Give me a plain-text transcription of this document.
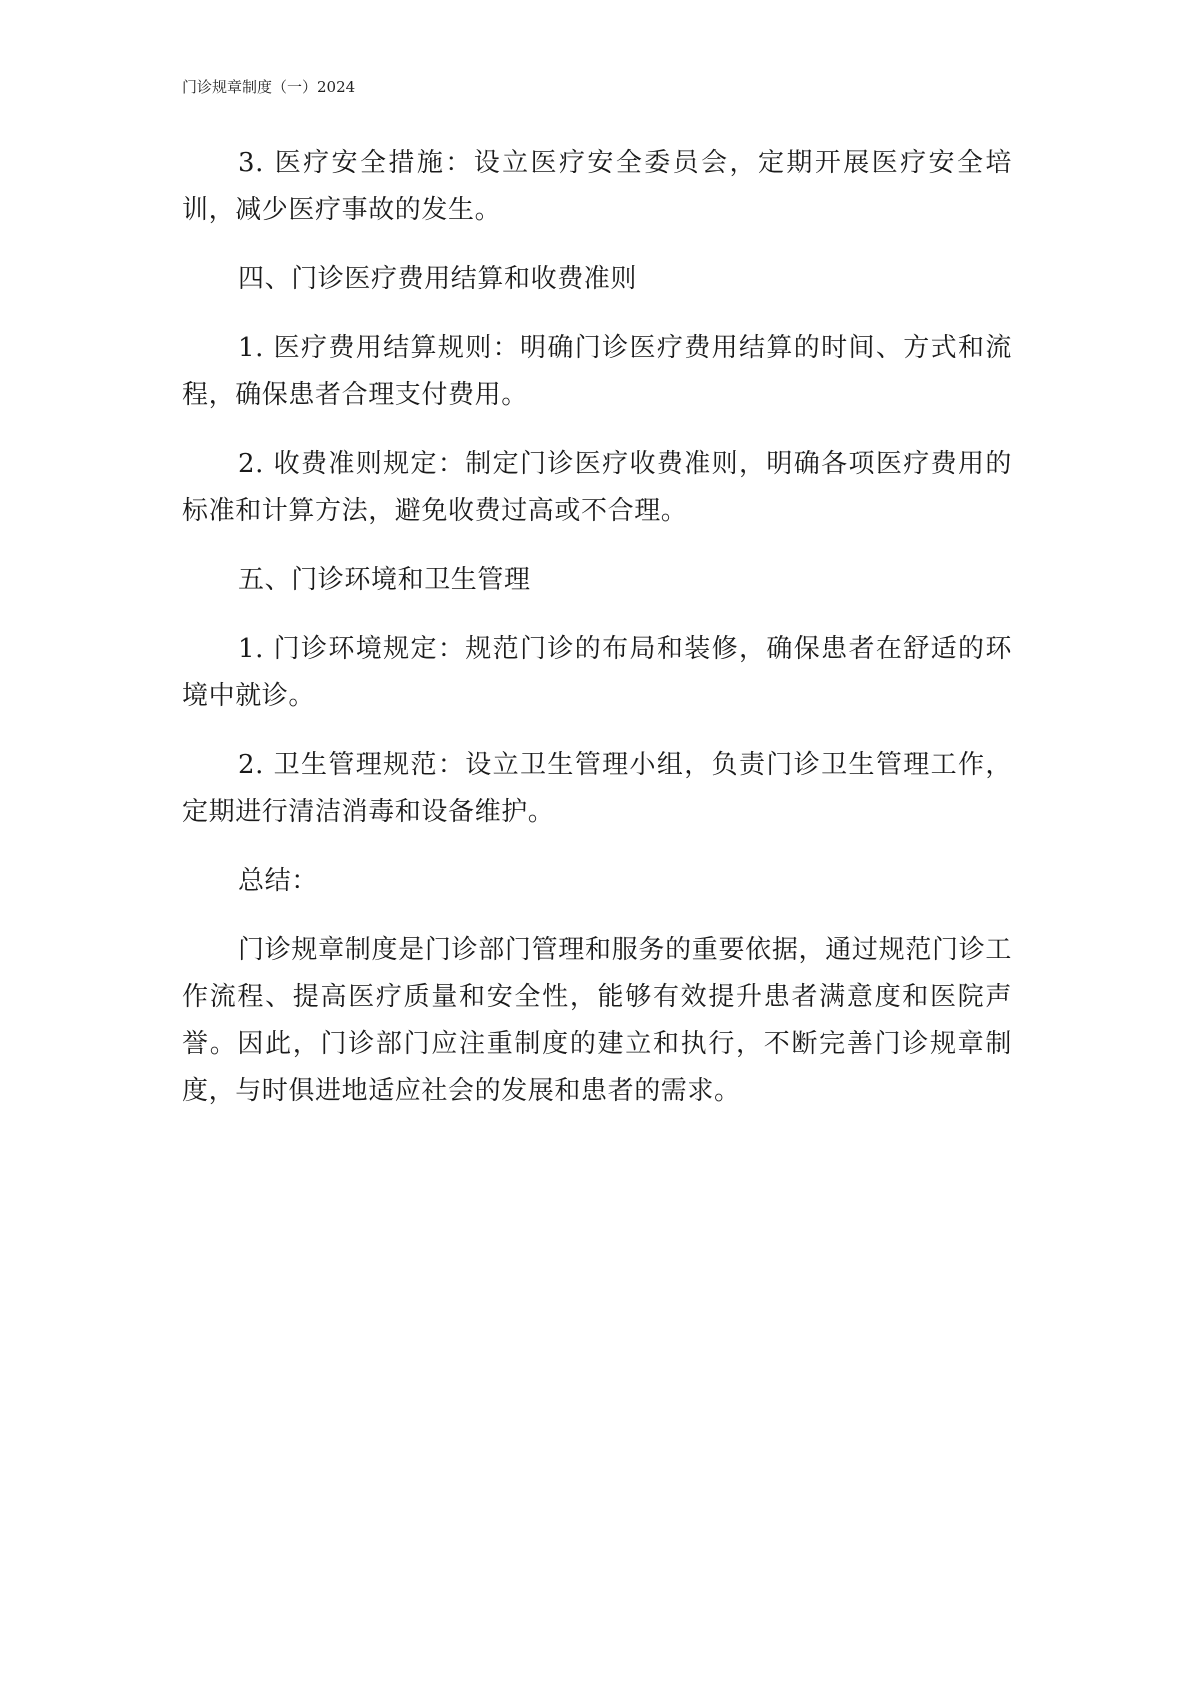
门诊规章制度（一）2024

3. 医疗安全措施：设立医疗安全委员会，定期开展医疗安全培训，减少医疗事故的发生。

四、门诊医疗费用结算和收费准则

1. 医疗费用结算规则：明确门诊医疗费用结算的时间、方式和流程，确保患者合理支付费用。

2. 收费准则规定：制定门诊医疗收费准则，明确各项医疗费用的标准和计算方法，避免收费过高或不合理。

五、门诊环境和卫生管理

1. 门诊环境规定：规范门诊的布局和装修，确保患者在舒适的环境中就诊。

2. 卫生管理规范：设立卫生管理小组，负责门诊卫生管理工作，定期进行清洁消毒和设备维护。

总结：

门诊规章制度是门诊部门管理和服务的重要依据，通过规范门诊工作流程、提高医疗质量和安全性，能够有效提升患者满意度和医院声誉。因此，门诊部门应注重制度的建立和执行，不断完善门诊规章制度，与时俱进地适应社会的发展和患者的需求。
